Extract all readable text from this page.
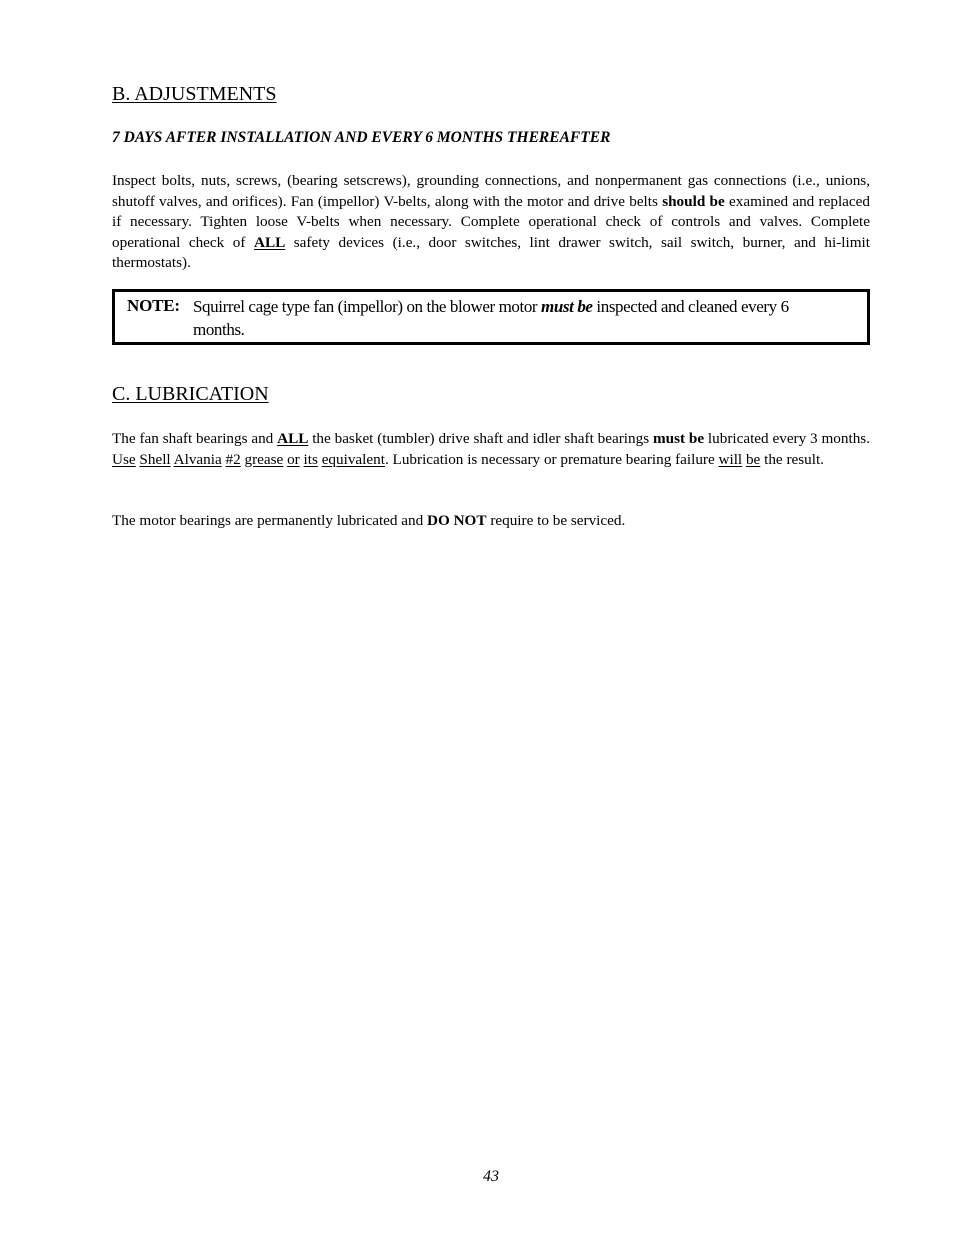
B. ADJUSTMENTS

7 DAYS AFTER INSTALLATION AND EVERY 6 MONTHS THEREAFTER

Inspect bolts, nuts, screws, (bearing setscrews), grounding connections, and nonpermanent gas connections (i.e., unions, shutoff valves, and orifices). Fan (impellor) V-belts, along with the motor and drive belts should be examined and replaced if necessary. Tighten loose V-belts when necessary. Complete operational check of controls and valves. Complete operational check of ALL safety devices (i.e., door switches, lint drawer switch, sail switch, burner, and hi-limit thermostats).

NOTE: Squirrel cage type fan (impellor) on the blower motor must be inspected and cleaned every 6 months.
C. LUBRICATION

The fan shaft bearings and ALL the basket (tumbler) drive shaft and idler shaft bearings must be lubricated every 3 months. Use Shell Alvania #2 grease or its equivalent. Lubrication is necessary or premature bearing failure will be the result.

The motor bearings are permanently lubricated and DO NOT require to be serviced.

43
